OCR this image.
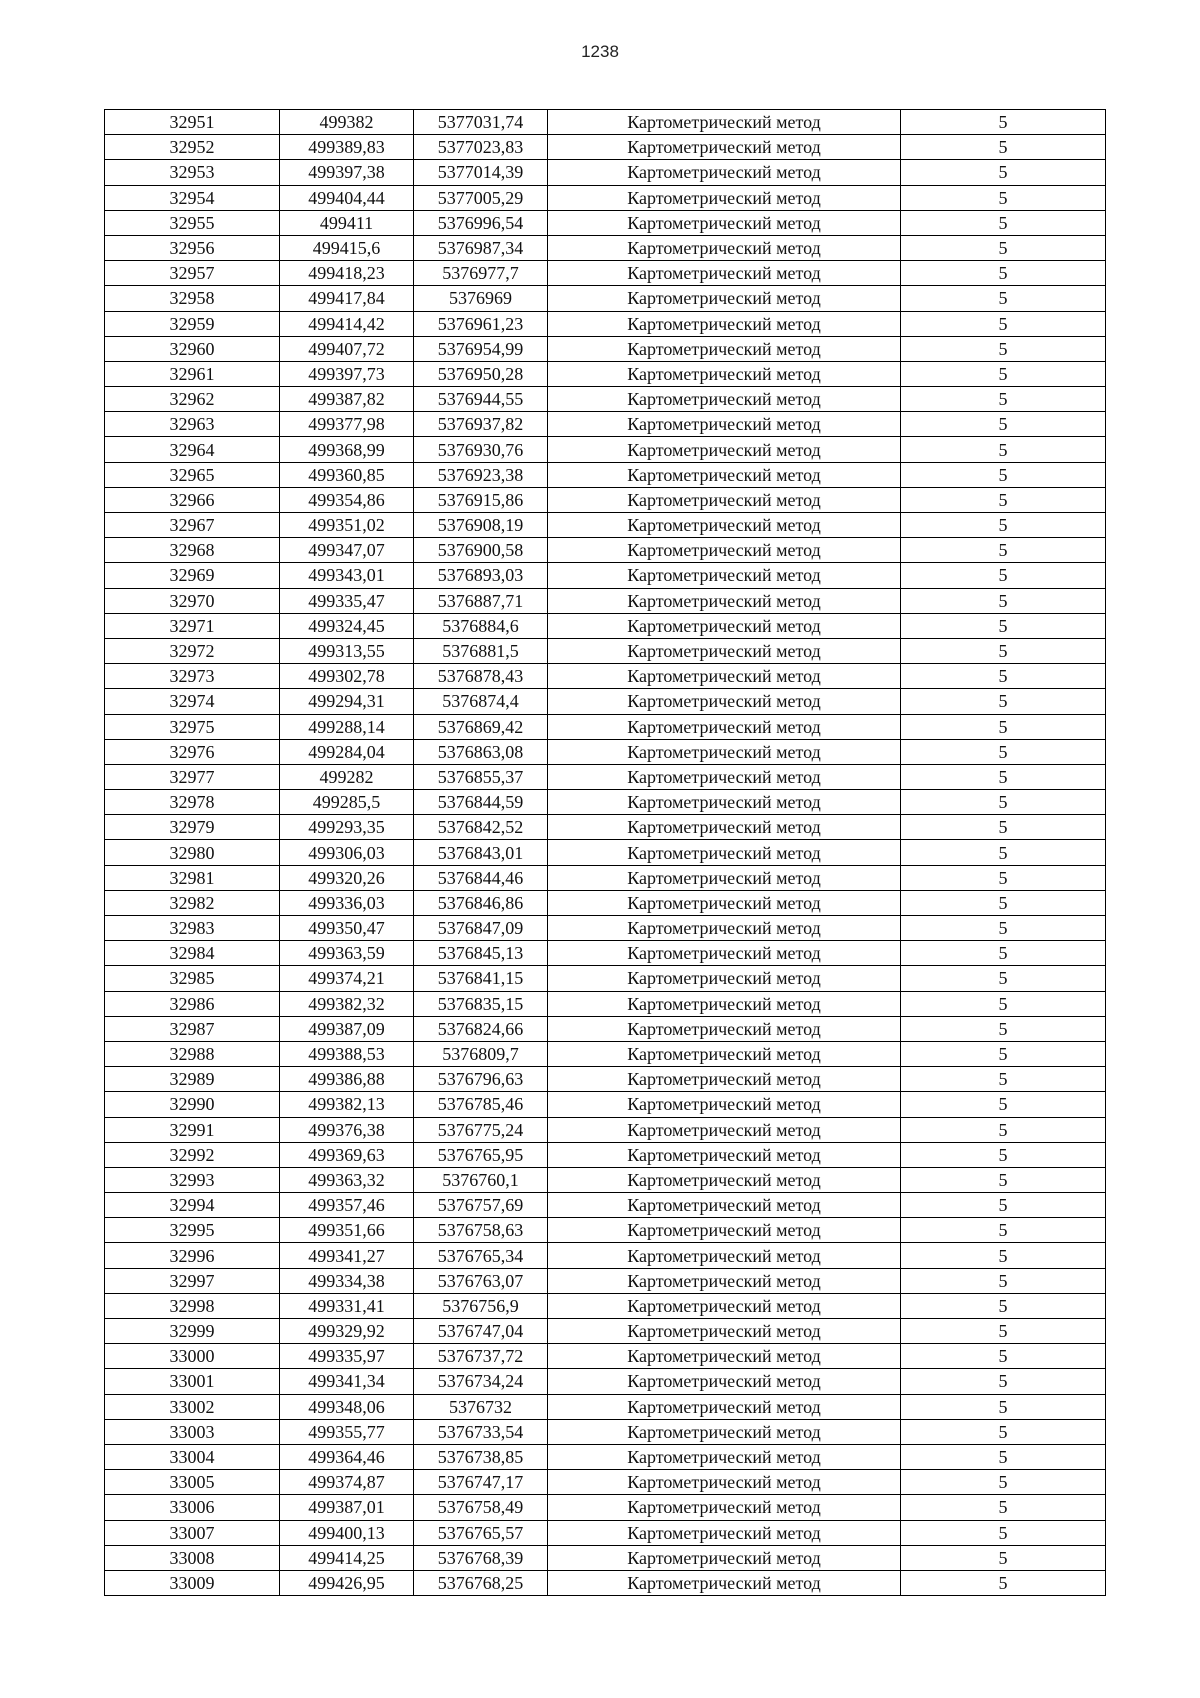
1238
32951	499382	5377031,74	Картометрический метод	5
32952	499389,83	5377023,83	Картометрический метод	5
32953	499397,38	5377014,39	Картометрический метод	5
32954	499404,44	5377005,29	Картометрический метод	5
32955	499411	5376996,54	Картометрический метод	5
32956	499415,6	5376987,34	Картометрический метод	5
32957	499418,23	5376977,7	Картометрический метод	5
32958	499417,84	5376969	Картометрический метод	5
32959	499414,42	5376961,23	Картометрический метод	5
32960	499407,72	5376954,99	Картометрический метод	5
32961	499397,73	5376950,28	Картометрический метод	5
32962	499387,82	5376944,55	Картометрический метод	5
32963	499377,98	5376937,82	Картометрический метод	5
32964	499368,99	5376930,76	Картометрический метод	5
32965	499360,85	5376923,38	Картометрический метод	5
32966	499354,86	5376915,86	Картометрический метод	5
32967	499351,02	5376908,19	Картометрический метод	5
32968	499347,07	5376900,58	Картометрический метод	5
32969	499343,01	5376893,03	Картометрический метод	5
32970	499335,47	5376887,71	Картометрический метод	5
32971	499324,45	5376884,6	Картометрический метод	5
32972	499313,55	5376881,5	Картометрический метод	5
32973	499302,78	5376878,43	Картометрический метод	5
32974	499294,31	5376874,4	Картометрический метод	5
32975	499288,14	5376869,42	Картометрический метод	5
32976	499284,04	5376863,08	Картометрический метод	5
32977	499282	5376855,37	Картометрический метод	5
32978	499285,5	5376844,59	Картометрический метод	5
32979	499293,35	5376842,52	Картометрический метод	5
32980	499306,03	5376843,01	Картометрический метод	5
32981	499320,26	5376844,46	Картометрический метод	5
32982	499336,03	5376846,86	Картометрический метод	5
32983	499350,47	5376847,09	Картометрический метод	5
32984	499363,59	5376845,13	Картометрический метод	5
32985	499374,21	5376841,15	Картометрический метод	5
32986	499382,32	5376835,15	Картометрический метод	5
32987	499387,09	5376824,66	Картометрический метод	5
32988	499388,53	5376809,7	Картометрический метод	5
32989	499386,88	5376796,63	Картометрический метод	5
32990	499382,13	5376785,46	Картометрический метод	5
32991	499376,38	5376775,24	Картометрический метод	5
32992	499369,63	5376765,95	Картометрический метод	5
32993	499363,32	5376760,1	Картометрический метод	5
32994	499357,46	5376757,69	Картометрический метод	5
32995	499351,66	5376758,63	Картометрический метод	5
32996	499341,27	5376765,34	Картометрический метод	5
32997	499334,38	5376763,07	Картометрический метод	5
32998	499331,41	5376756,9	Картометрический метод	5
32999	499329,92	5376747,04	Картометрический метод	5
33000	499335,97	5376737,72	Картометрический метод	5
33001	499341,34	5376734,24	Картометрический метод	5
33002	499348,06	5376732	Картометрический метод	5
33003	499355,77	5376733,54	Картометрический метод	5
33004	499364,46	5376738,85	Картометрический метод	5
33005	499374,87	5376747,17	Картометрический метод	5
33006	499387,01	5376758,49	Картометрический метод	5
33007	499400,13	5376765,57	Картометрический метод	5
33008	499414,25	5376768,39	Картометрический метод	5
33009	499426,95	5376768,25	Картометрический метод	5
